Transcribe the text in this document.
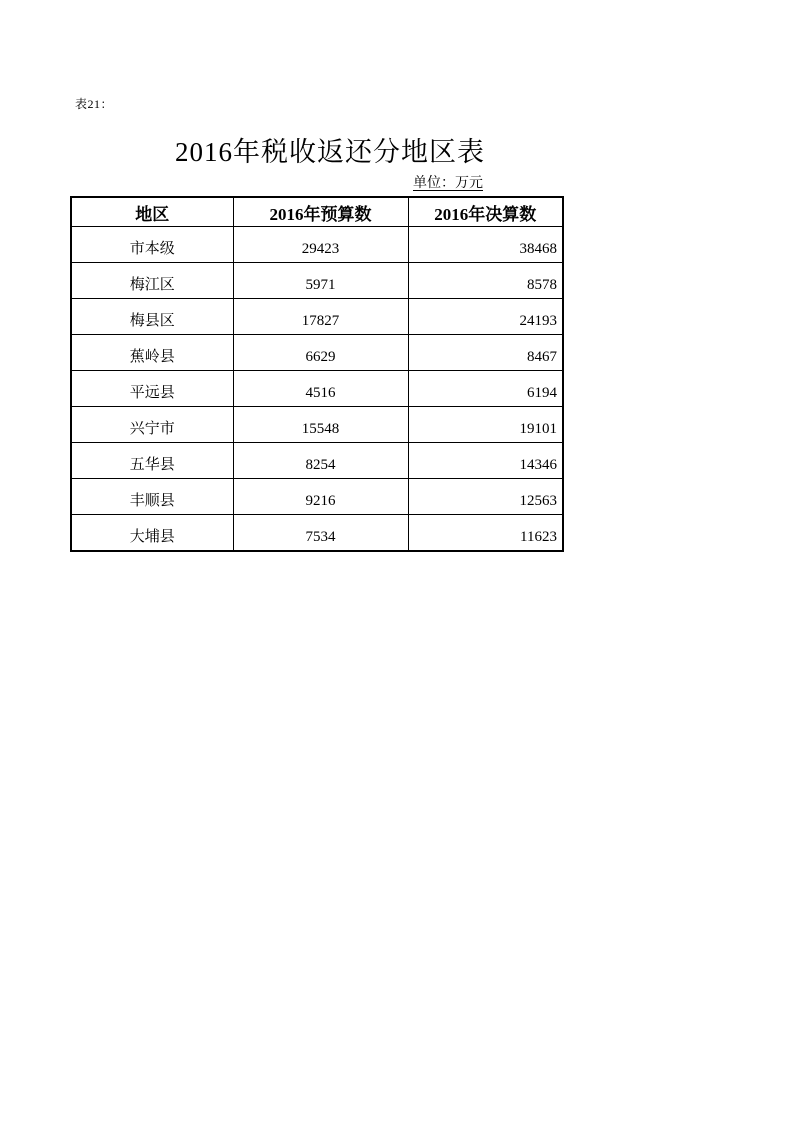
表21：
2016年税收返还分地区表
单位：万元
地区	2016年预算数	2016年决算数
市本级	29423	38468
梅江区	5971	8578
梅县区	17827	24193
蕉岭县	6629	8467
平远县	4516	6194
兴宁市	15548	19101
五华县	8254	14346
丰顺县	9216	12563
大埔县	7534	11623
